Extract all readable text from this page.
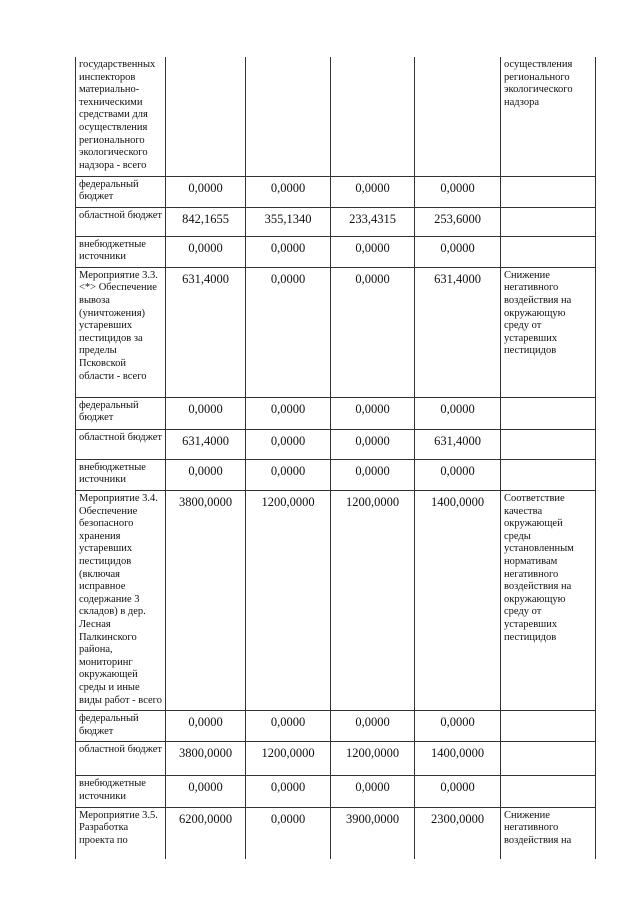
государственных инспекторов материально-техническими средствами для осуществления регионального экологического надзора - всего					осуществления регионального экологического надзора
федеральный бюджет	0,0000	0,0000	0,0000	0,0000	
областной бюджет	842,1655	355,1340	233,4315	253,6000	
внебюджетные источники	0,0000	0,0000	0,0000	0,0000	
Мероприятие 3.3. <*> Обеспечение вывоза (уничтожения) устаревших пестицидов за пределы Псковской области - всего	631,4000	0,0000	0,0000	631,4000	Снижение негативного воздействия на окружающую среду от устаревших пестицидов
федеральный бюджет	0,0000	0,0000	0,0000	0,0000	
областной бюджет	631,4000	0,0000	0,0000	631,4000	
внебюджетные источники	0,0000	0,0000	0,0000	0,0000	
Мероприятие 3.4. Обеспечение безопасного хранения устаревших пестицидов (включая исправное содержание 3 складов) в дер. Лесная Палкинского района, мониторинг окружающей среды и иные виды работ - всего	3800,0000	1200,0000	1200,0000	1400,0000	Соответствие качества окружающей среды установленным нормативам негативного воздействия на окружающую среду от устаревших пестицидов
федеральный бюджет	0,0000	0,0000	0,0000	0,0000	
областной бюджет	3800,0000	1200,0000	1200,0000	1400,0000	
внебюджетные источники	0,0000	0,0000	0,0000	0,0000	
Мероприятие 3.5. Разработка проекта по	6200,0000	0,0000	3900,0000	2300,0000	Снижение негативного воздействия на
